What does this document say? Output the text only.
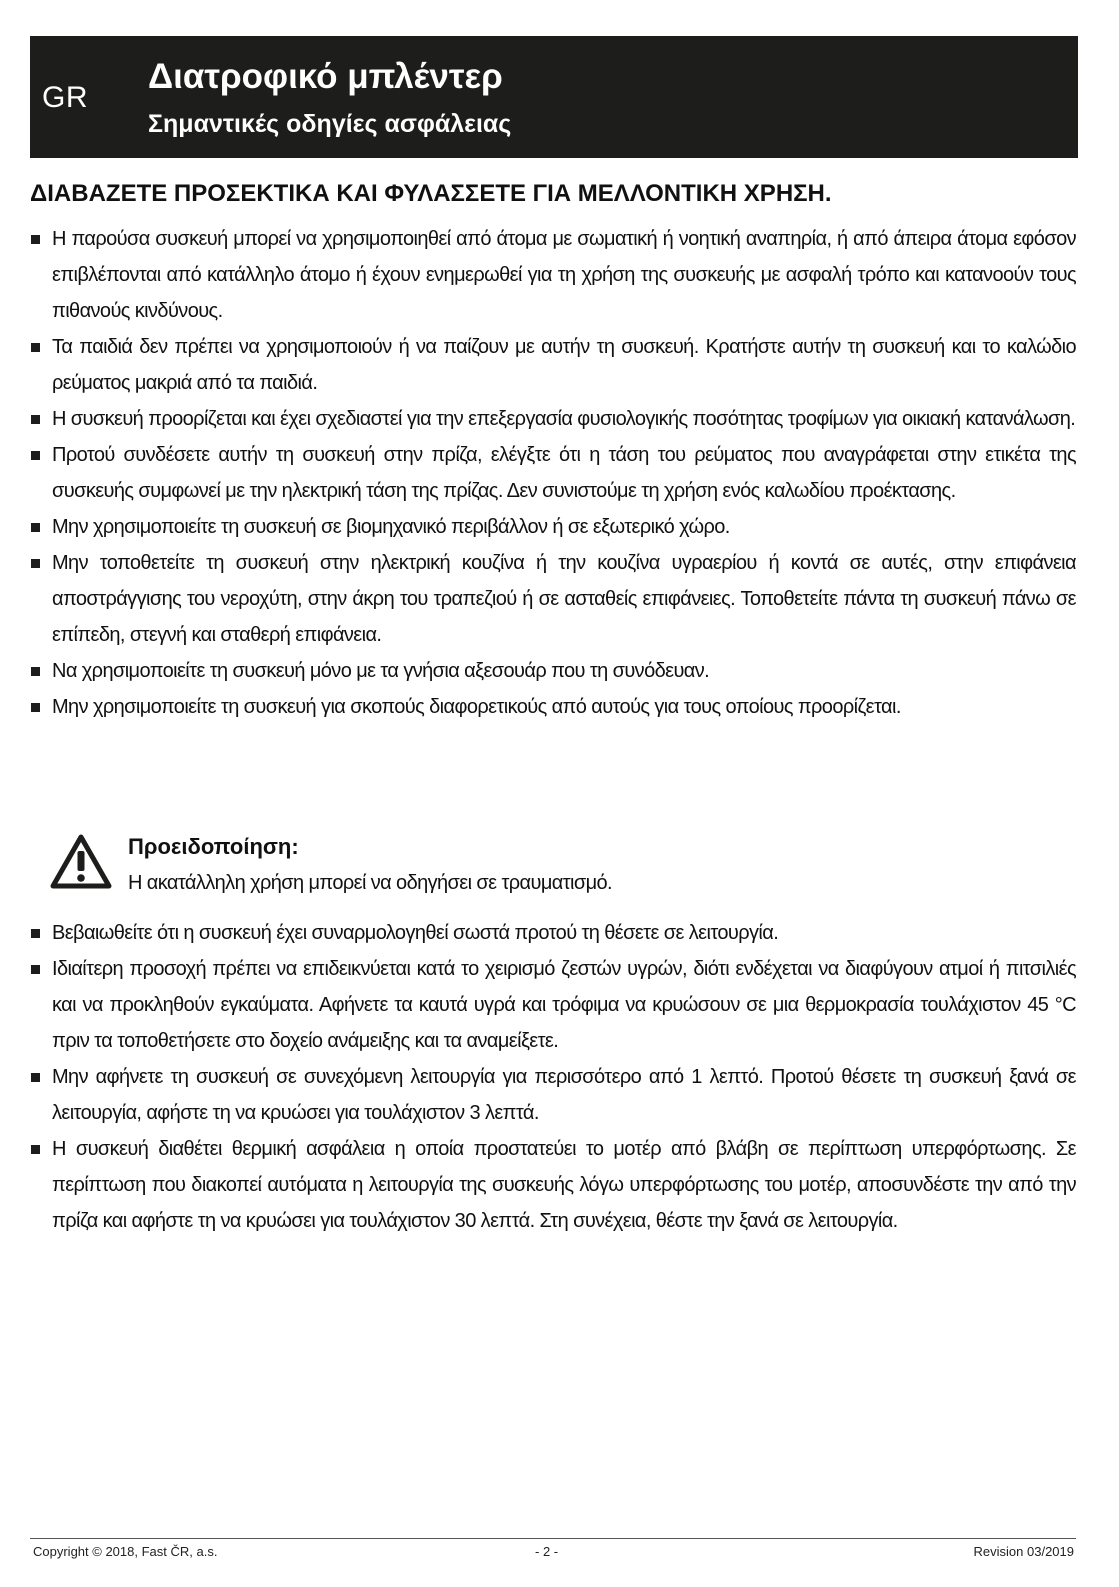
GR
Διατροφικό μπλέντερ
Σημαντικές οδηγίες ασφάλειας
ΔΙΑΒΑΖΕΤΕ ΠΡΟΣΕΚΤΙΚΑ ΚΑΙ ΦΥΛΑΣΣΕΤΕ ΓΙΑ ΜΕΛΛΟΝΤΙΚΗ ΧΡΗΣΗ.
Η παρούσα συσκευή μπορεί να χρησιμοποιηθεί από άτομα με σωματική ή νοητική αναπηρία, ή από άπειρα άτομα εφόσον επιβλέπονται από κατάλληλο άτομο ή έχουν ενημερωθεί για τη χρήση της συσκευής με ασφαλή τρόπο και κατανοούν τους πιθανούς κινδύνους.
Τα παιδιά δεν πρέπει να χρησιμοποιούν ή να παίζουν με αυτήν τη συσκευή. Κρατήστε αυτήν τη συσκευή και το καλώδιο ρεύματος μακριά από τα παιδιά.
Η συσκευή προορίζεται και έχει σχεδιαστεί για την επεξεργασία φυσιολογικής ποσότητας τροφίμων για οικιακή κατανάλωση.
Προτού συνδέσετε αυτήν τη συσκευή στην πρίζα, ελέγξτε ότι η τάση του ρεύματος που αναγράφεται στην ετικέτα της συσκευής συμφωνεί με την ηλεκτρική τάση της πρίζας. Δεν συνιστούμε τη χρήση ενός καλωδίου προέκτασης.
Μην χρησιμοποιείτε τη συσκευή σε βιομηχανικό περιβάλλον ή σε εξωτερικό χώρο.
Μην τοποθετείτε τη συσκευή στην ηλεκτρική κουζίνα ή την κουζίνα υγραερίου ή κοντά σε αυτές, στην επιφάνεια αποστράγγισης του νεροχύτη, στην άκρη του τραπεζιού ή σε ασταθείς επιφάνειες. Τοποθετείτε πάντα τη συσκευή πάνω σε επίπεδη, στεγνή και σταθερή επιφάνεια.
Να χρησιμοποιείτε τη συσκευή μόνο με τα γνήσια αξεσουάρ που τη συνόδευαν.
Μην χρησιμοποιείτε τη συσκευή για σκοπούς διαφορετικούς από αυτούς για τους οποίους προορίζεται.
Προειδοποίηση:
Η ακατάλληλη χρήση μπορεί να οδηγήσει σε τραυματισμό.
Βεβαιωθείτε ότι η συσκευή έχει συναρμολογηθεί σωστά προτού τη θέσετε σε λειτουργία.
Ιδιαίτερη προσοχή πρέπει να επιδεικνύεται κατά το χειρισμό ζεστών υγρών, διότι ενδέχεται να διαφύγουν ατμοί ή πιτσιλιές και να προκληθούν εγκαύματα. Αφήνετε τα καυτά υγρά και τρόφιμα να κρυώσουν σε μια θερμοκρασία τουλάχιστον 45 °C πριν τα τοποθετήσετε στο δοχείο ανάμειξης και τα αναμείξετε.
Μην αφήνετε τη συσκευή σε συνεχόμενη λειτουργία για περισσότερο από 1 λεπτό. Προτού θέσετε τη συσκευή ξανά σε λειτουργία, αφήστε τη να κρυώσει για τουλάχιστον 3 λεπτά.
Η συσκευή διαθέτει θερμική ασφάλεια η οποία προστατεύει το μοτέρ από βλάβη σε περίπτωση υπερφόρτωσης. Σε περίπτωση που διακοπεί αυτόματα η λειτουργία της συσκευής λόγω υπερφόρτωσης του μοτέρ, αποσυνδέστε την από την πρίζα και αφήστε τη να κρυώσει για τουλάχιστον 30 λεπτά. Στη συνέχεια, θέστε την ξανά σε λειτουργία.
Copyright © 2018, Fast ČR, a.s.	- 2 -	Revision 03/2019
